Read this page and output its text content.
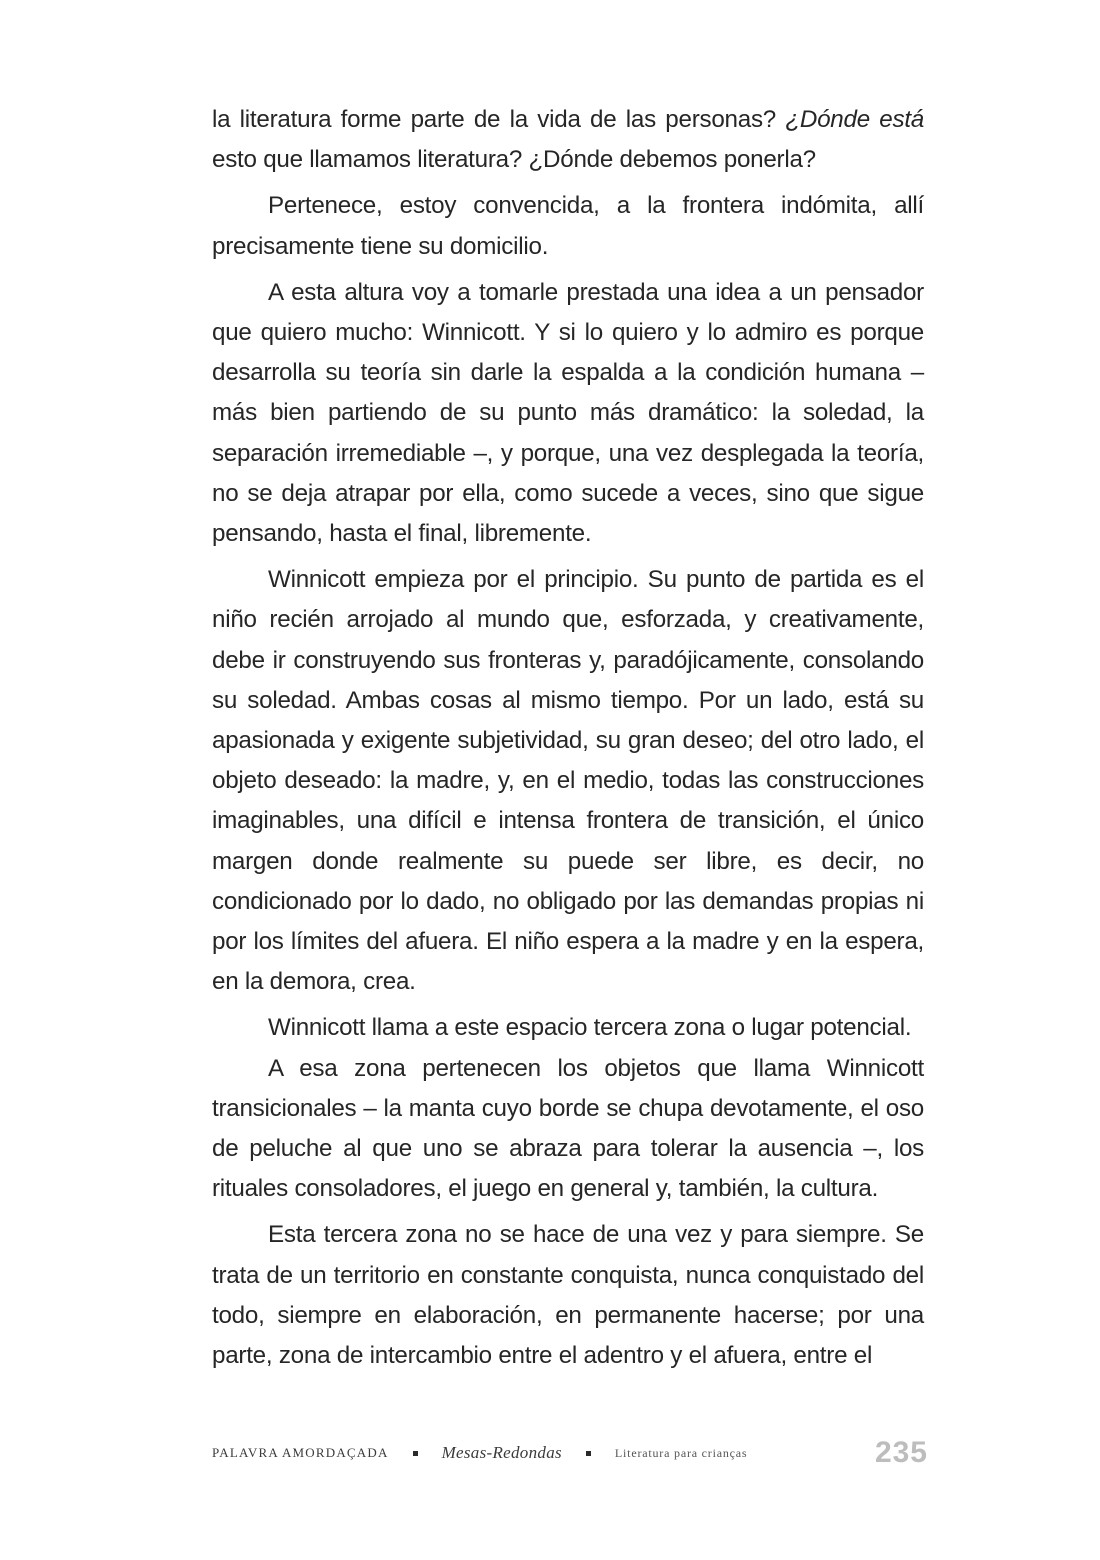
la literatura forme parte de la vida de las personas? ¿Dónde está esto que llamamos literatura? ¿Dónde debemos ponerla?

Pertenece, estoy convencida, a la frontera indómita, allí precisamente tiene su domicilio.

A esta altura voy a tomarle prestada una idea a un pensador que quiero mucho: Winnicott. Y si lo quiero y lo admiro es porque desarrolla su teoría sin darle la espalda a la condición humana – más bien partiendo de su punto más dramático: la soledad, la separación irremediable –, y porque, una vez desplegada la teoría, no se deja atrapar por ella, como sucede a veces, sino que sigue pensando, hasta el final, libremente.

Winnicott empieza por el principio. Su punto de partida es el niño recién arrojado al mundo que, esforzada, y creativamente, debe ir construyendo sus fronteras y, paradójicamente, consolando su soledad. Ambas cosas al mismo tiempo. Por un lado, está su apasionada y exigente subjetividad, su gran deseo; del otro lado, el objeto deseado: la madre, y, en el medio, todas las construcciones imaginables, una difícil e intensa frontera de transición, el único margen donde realmente su puede ser libre, es decir, no condicionado por lo dado, no obligado por las demandas propias ni por los límites del afuera. El niño espera a la madre y en la espera, en la demora, crea.

Winnicott llama a este espacio tercera zona o lugar potencial.

A esa zona pertenecen los objetos que llama Winnicott transicionales – la manta cuyo borde se chupa devotamente, el oso de peluche al que uno se abraza para tolerar la ausencia –, los rituales consoladores, el juego en general y, también, la cultura.

Esta tercera zona no se hace de una vez y para siempre. Se trata de un territorio en constante conquista, nunca conquistado del todo, siempre en elaboración, en permanente hacerse; por una parte, zona de intercambio entre el adentro y el afuera, entre el

PALAVRA AMORDAÇADA	Mesas-Redondas	Literatura para crianças	235
